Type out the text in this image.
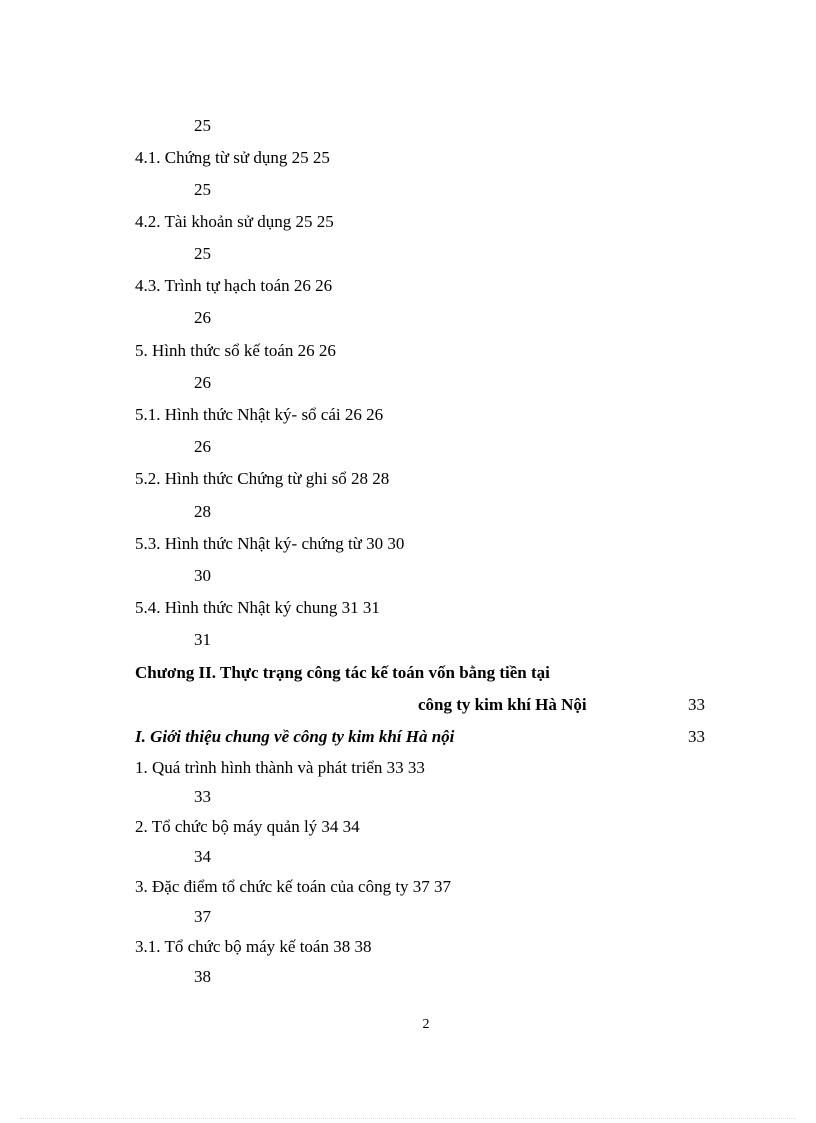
25
4.1. Chứng từ sử dụng 25 25
25
4.2. Tài khoản sử dụng 25 25
25
4.3. Trình tự hạch toán 26 26
26
5. Hình thức sổ kế toán 26 26
26
5.1. Hình thức Nhật ký- sổ cái 26 26
26
5.2. Hình thức Chứng từ ghi sổ 28 28
28
5.3. Hình thức Nhật ký- chứng từ 30 30
30
5.4. Hình thức Nhật ký chung 31 31
31
Chương II. Thực trạng công tác kế toán vốn bằng tiền tại
công ty kim khí Hà Nội	33
I. Giới thiệu chung về công ty kim khí Hà nội	33
1. Quá trình hình thành và phát triển 33 33
33
2. Tổ chức bộ máy quản lý 34 34
34
3. Đặc điểm tổ chức kế toán của công ty 37 37
37
3.1. Tổ chức bộ máy kế toán 38 38
38
2
